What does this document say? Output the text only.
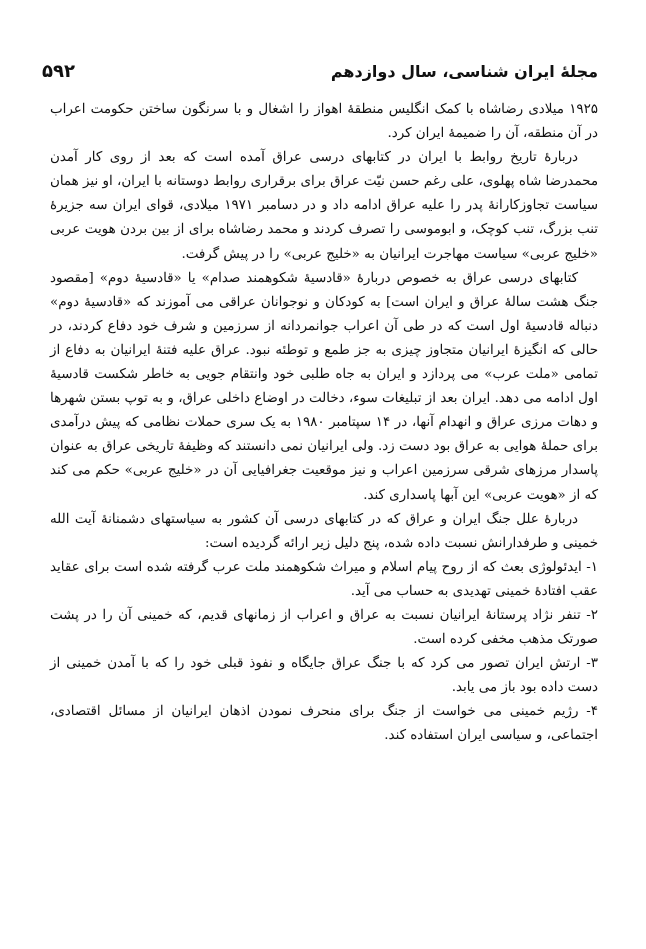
۵۹۲	مجلهٔ ایران شناسی، سال دوازدهم

۱۹۲۵ میلادی رضاشاه با کمک انگلیس منطقهٔ اهواز را اشغال و با سرنگون ساختن حکومت اعراب در آن منطقه، آن را ضمیمهٔ ایران کرد.

دربارهٔ تاریخ روابط با ایران در کتابهای درسی عراق آمده است که بعد از روی کار آمدن محمدرضا شاه پهلوی، علی رغم حسن نیّت عراق برای برقراری روابط دوستانه با ایران، او نیز همان سیاست تجاوزکارانهٔ پدر را علیه عراق ادامه داد و در دسامبر ۱۹۷۱ میلادی، قوای ایران سه جزیرهٔ تنب بزرگ، تنب کوچک، و ابوموسی را تصرف کردند و محمد رضاشاه برای از بین بردن هویت عربی «خلیج عربی» سیاست مهاجرت ایرانیان به «خلیج عربی» را در پیش گرفت.

کتابهای درسی عراق به خصوص دربارهٔ «قادسیهٔ شکوهمند صدام» یا «قادسیهٔ دوم» [مقصود جنگ هشت سالهٔ عراق و ایران است] به کودکان و نوجوانان عراقی می آموزند که «قادسیهٔ دوم» دنباله قادسیهٔ اول است که در طی آن اعراب جوانمردانه از سرزمین و شرف خود دفاع کردند، در حالی که انگیزهٔ ایرانیان متجاوز چیزی به جز طمع و توطئه نبود. عراق علیه فتنهٔ ایرانیان به دفاع از تمامی «ملت عرب» می پردازد و ایران به جاه طلبی خود وانتقام جویی به خاطر شکست قادسیهٔ اول ادامه می دهد. ایران بعد از تبلیغات سوء، دخالت در اوضاع داخلی عراق، و به توپ بستن شهرها و دهات مرزی عراق و انهدام آنها، در ۱۴ سپتامبر ۱۹۸۰ به یک سری حملات نظامی که پیش درآمدی برای حملهٔ هوایی به عراق بود دست زد. ولی ایرانیان نمی دانستند که وظیفهٔ تاریخی عراق به عنوان پاسدار مرزهای شرقی سرزمین اعراب و نیز موقعیت جغرافیایی آن در «خلیج عربی» حکم می کند که از «هویت عربی» این آبها پاسداری کند.

دربارهٔ علل جنگ ایران و عراق که در کتابهای درسی آن کشور به سیاستهای دشمنانهٔ آیت الله خمینی و طرفدارانش نسبت داده شده، پنج دلیل زیر ارائه گردیده است:

۱- ایدئولوژی بعث که از روح پیام اسلام و میراث شکوهمند ملت عرب گرفته شده است برای عقاید عقب افتادهٔ خمینی تهدیدی به حساب می آید.

۲- تنفر نژاد پرستانهٔ ایرانیان نسبت به عراق و اعراب از زمانهای قدیم، که خمینی آن را در پشت صورتک مذهب مخفی کرده است.

۳- ارتش ایران تصور می کرد که با جنگ عراق جایگاه و نفوذ قبلی خود را که با آمدن خمینی از دست داده بود باز می یابد.

۴- رژیم خمینی می خواست از جنگ برای منحرف نمودن اذهان ایرانیان از مسائل اقتصادی، اجتماعی، و سیاسی ایران استفاده کند.
